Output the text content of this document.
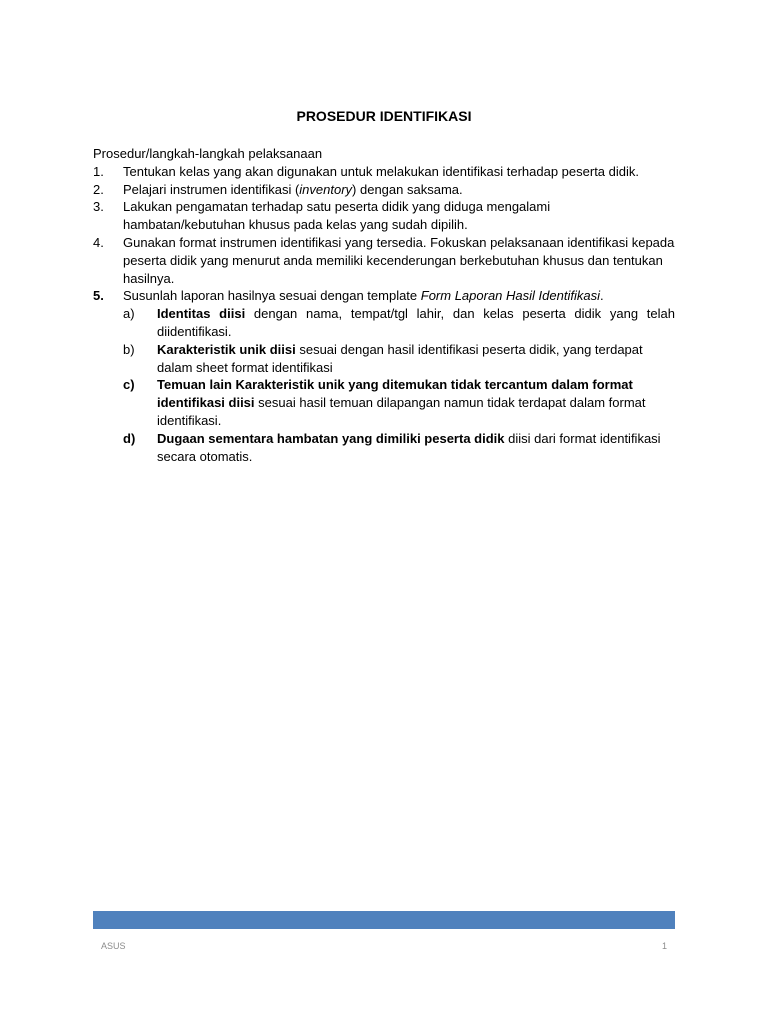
PROSEDUR IDENTIFIKASI

Prosedur/langkah-langkah pelaksanaan

1.	Tentukan kelas yang akan digunakan untuk melakukan identifikasi terhadap peserta didik.
2.	Pelajari instrumen identifikasi (inventory) dengan saksama.
3.	Lakukan pengamatan terhadap satu peserta didik yang diduga mengalami hambatan/kebutuhan khusus pada kelas yang sudah dipilih.
4.	Gunakan format instrumen identifikasi yang tersedia. Fokuskan pelaksanaan identifikasi kepada peserta didik yang menurut anda memiliki kecenderungan berkebutuhan khusus dan tentukan hasilnya.
5.	Susunlah laporan hasilnya sesuai dengan template Form Laporan Hasil Identifikasi.
a)	Identitas diisi dengan nama, tempat/tgl lahir, dan kelas peserta didik yang telah diidentifikasi.
b)	Karakteristik unik diisi sesuai dengan hasil identifikasi peserta didik, yang terdapat dalam sheet format identifikasi
c)	Temuan lain Karakteristik unik yang ditemukan tidak tercantum dalam format identifikasi diisi sesuai hasil temuan dilapangan namun tidak terdapat dalam format identifikasi.
d)	Dugaan sementara hambatan yang dimiliki peserta didik diisi dari format identifikasi secara otomatis.
ASUS	1
